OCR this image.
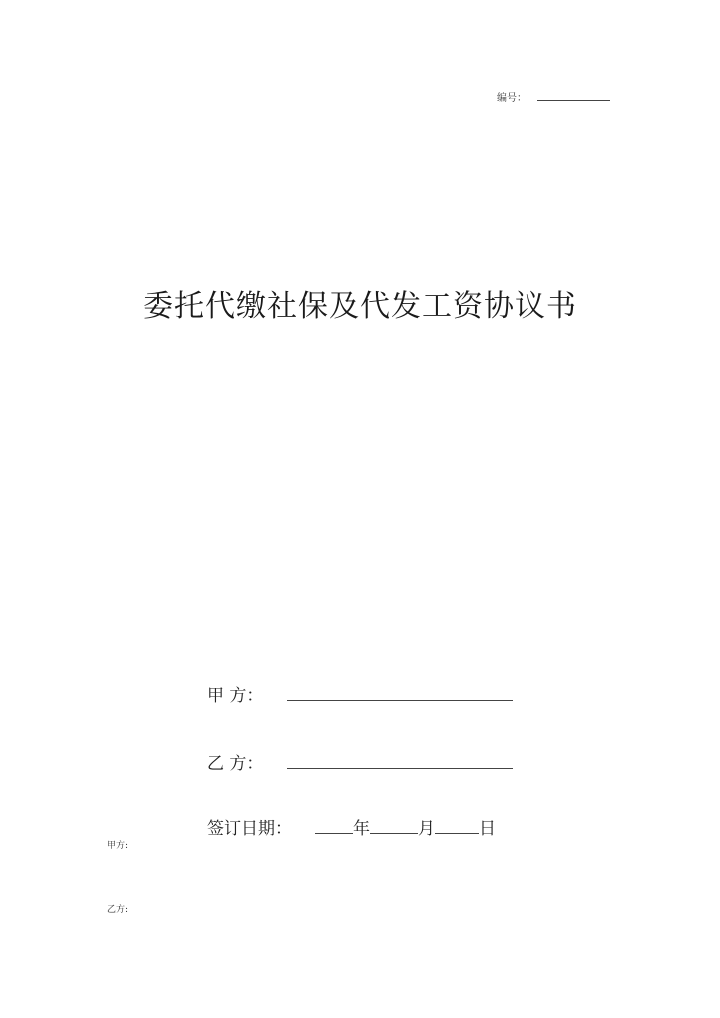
编号：
委托代缴社保及代发工资协议书
甲 方：
乙 方：
签订日期：	年	月	日
甲方:
乙方:
